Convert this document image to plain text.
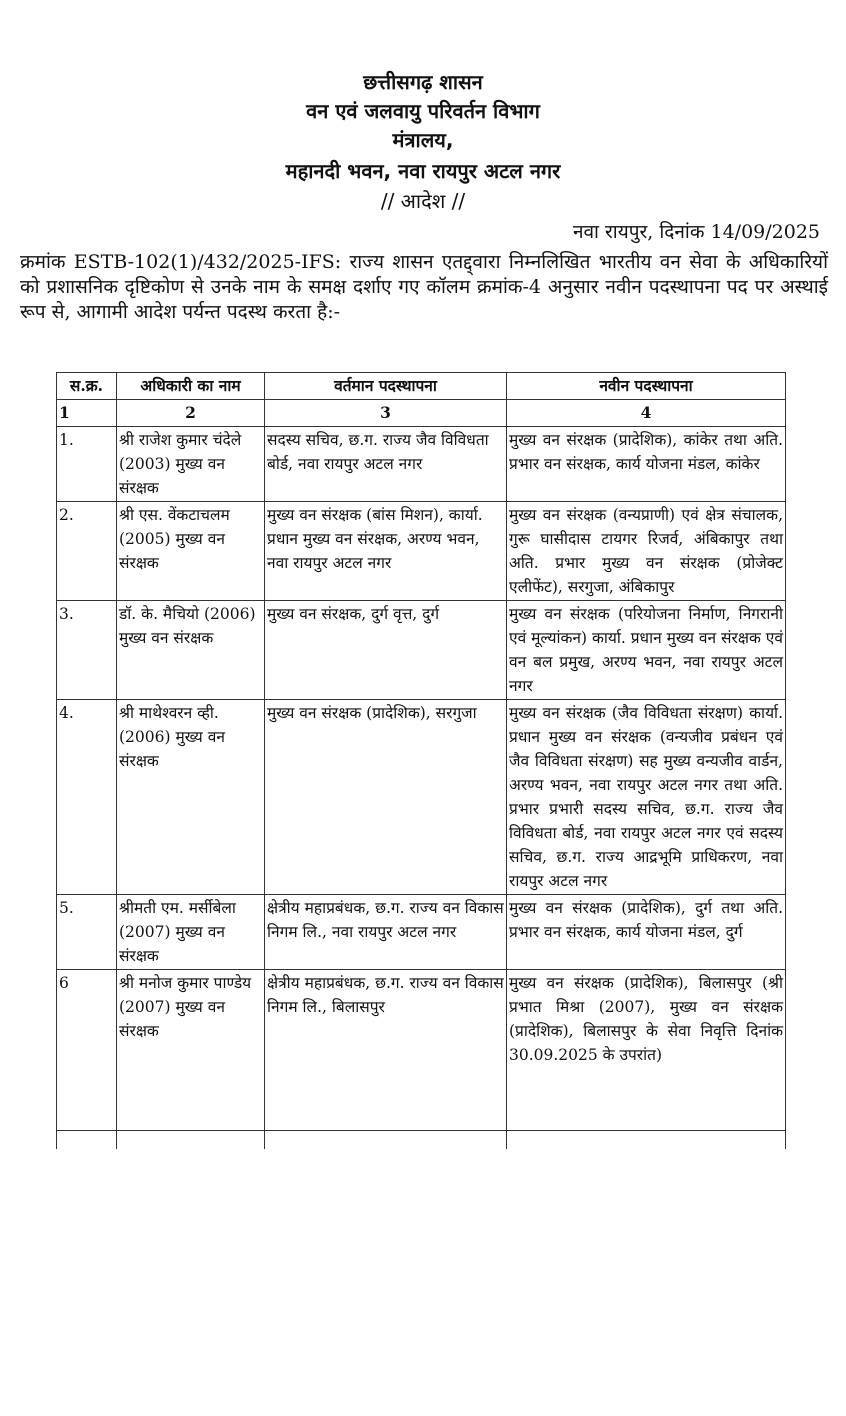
छत्तीसगढ़ शासन
वन एवं जलवायु परिवर्तन विभाग
मंत्रालय,
महानदी भवन, नवा रायपुर अटल नगर
// आदेश //
नवा रायपुर, दिनांक 14/09/2025
क्रमांक ESTB-102(1)/432/2025-IFS: राज्य शासन एतद्द्वारा निम्नलिखित भारतीय वन सेवा के अधिकारियों को प्रशासनिक दृष्टिकोण से उनके नाम के समक्ष दर्शाए गए कॉलम क्रमांक-4 अनुसार नवीन पदस्थापना पद पर अस्थाई रूप से, आगामी आदेश पर्यन्त पदस्थ करता है:-
स.क्र.	अधिकारी का नाम	वर्तमान पदस्थापना	नवीन पदस्थापना
1	2	3	4
1.	श्री राजेश कुमार चंदेले (2003) मुख्य वन संरक्षक	सदस्य सचिव, छ.ग. राज्य जैव विविधता बोर्ड, नवा रायपुर अटल नगर	मुख्य वन संरक्षक (प्रादेशिक), कांकेर तथा अति. प्रभार वन संरक्षक, कार्य योजना मंडल, कांकेर
2.	श्री एस. वेंकटाचलम (2005) मुख्य वन संरक्षक	मुख्य वन संरक्षक (बांस मिशन), कार्या. प्रधान मुख्य वन संरक्षक, अरण्य भवन, नवा रायपुर अटल नगर	मुख्य वन संरक्षक (वन्यप्राणी) एवं क्षेत्र संचालक, गुरू घासीदास टायगर रिजर्व, अंबिकापुर तथा अति. प्रभार मुख्य वन संरक्षक (प्रोजेक्ट एलीफेंट), सरगुजा, अंबिकापुर
3.	डॉ. के. मैचियो (2006) मुख्य वन संरक्षक	मुख्य वन संरक्षक, दुर्ग वृत्त, दुर्ग	मुख्य वन संरक्षक (परियोजना निर्माण, निगरानी एवं मूल्यांकन) कार्या. प्रधान मुख्य वन संरक्षक एवं वन बल प्रमुख, अरण्य भवन, नवा रायपुर अटल नगर
4.	श्री माथेश्वरन व्ही. (2006) मुख्य वन संरक्षक	मुख्य वन संरक्षक (प्रादेशिक), सरगुजा	मुख्य वन संरक्षक (जैव विविधता संरक्षण) कार्या. प्रधान मुख्य वन संरक्षक (वन्यजीव प्रबंधन एवं जैव विविधता संरक्षण) सह मुख्य वन्यजीव वार्डन, अरण्य भवन, नवा रायपुर अटल नगर तथा अति. प्रभार प्रभारी सदस्य सचिव, छ.ग. राज्य जैव विविधता बोर्ड, नवा रायपुर अटल नगर एवं सदस्य सचिव, छ.ग. राज्य आद्रभूमि प्राधिकरण, नवा रायपुर अटल नगर
5.	श्रीमती एम. मर्सीबेला (2007) मुख्य वन संरक्षक	क्षेत्रीय महाप्रबंधक, छ.ग. राज्य वन विकास निगम लि., नवा रायपुर अटल नगर	मुख्य वन संरक्षक (प्रादेशिक), दुर्ग तथा अति. प्रभार वन संरक्षक, कार्य योजना मंडल, दुर्ग
6	श्री मनोज कुमार पाण्डेय (2007) मुख्य वन संरक्षक	क्षेत्रीय महाप्रबंधक, छ.ग. राज्य वन विकास निगम लि., बिलासपुर	मुख्य वन संरक्षक (प्रादेशिक), बिलासपुर (श्री प्रभात मिश्रा (2007), मुख्य वन संरक्षक (प्रादेशिक), बिलासपुर के सेवा निवृत्ति दिनांक 30.09.2025 के उपरांत)
